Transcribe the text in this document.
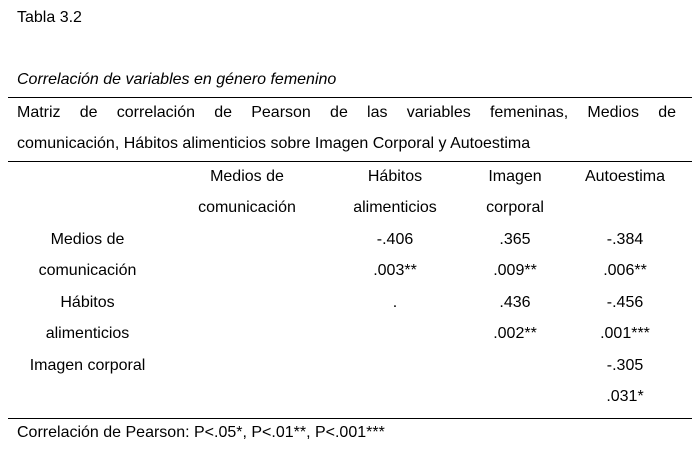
Tabla 3.2
Correlación de variables en género femenino
Matriz de correlación de Pearson de las variables femeninas, Medios de
comunicación, Hábitos alimenticios sobre Imagen Corporal y Autoestima
Medios de
comunicación
Hábitos
alimenticios
Imagen
corporal
Autoestima
Medios de
comunicación
-.406
.003**
.365
.009**
-.384
.006**
Hábitos
alimenticios
.	.436
.002**
-.456
.001***
Imagen corporal	-.305
.031*
Correlación de Pearson: P<.05*, P<.01**, P<.001***
